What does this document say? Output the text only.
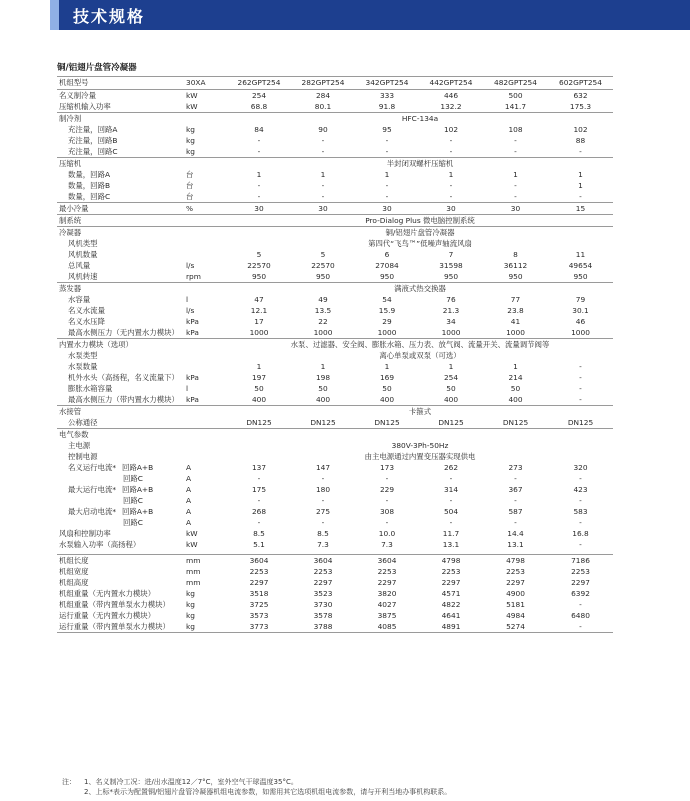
技术规格
铜/铝翅片盘管冷凝器
机组型号	30XA	262GPT254	282GPT254	342GPT254	442GPT254	482GPT254	602GPT254
名义制冷量	kW	254	284	333	446	500	632
压缩机输入功率	kW	68.8	80.1	91.8	132.2	141.7	175.3
制冷剂		HFC-134a					
充注量，回路A	kg	84	90	95	102	108	102
充注量，回路B	kg	-	-	-	-	-	88
充注量，回路C	kg	-	-	-	-	-	-
压缩机		半封闭双螺杆压缩机					
数量，回路A	台	1	1	1	1	1	1
数量，回路B	台	-	-	-	-	-	1
数量，回路C	台	-	-	-	-	-	-
最小冷量	%	30	30	30	30	30	15
制系统		Pro-Dialog Plus 微电脑控制系统					
冷凝器		铜/铝翅片盘管冷凝器					
风机类型		第四代“飞鸟™”低噪声轴流风扇					
风机数量		5	5	6	7	8	11
总风量	l/s	22570	22570	27084	31598	36112	49654
风机转速	rpm	950	950	950	950	950	950
蒸发器		满液式热交换器					
水容量	l	47	49	54	76	77	79
名义水流量	l/s	12.1	13.5	15.9	21.3	23.8	30.1
名义水压降	kPa	17	22	29	34	41	46
最高水侧压力（无内置水力模块）	kPa	1000	1000	1000	1000	1000	1000
内置水力模块（选项）		水泵、过滤器、安全阀、膨胀水箱、压力表、放气阀、流量开关、流量调节阀等					
水泵类型		离心单泵或双泵（可选）					
水泵数量		1	1	1	1	1	-
机外水头（高扬程，名义流量下）	kPa	197	198	169	254	214	-
膨胀水箱容量	l	50	50	50	50	50	-
最高水侧压力（带内置水力模块）	kPa	400	400	400	400	400	-
水接管		卡箍式					
公称通径		DN125	DN125	DN125	DN125	DN125	DN125
电气参数							
主电源		380V-3Ph-50Hz					
控制电源		由主电源通过内置变压器实现供电					
名义运行电流* 回路A+B	A	137	147	173	262	273	320
回路C	A	-	-	-	-	-	-
最大运行电流* 回路A+B	A	175	180	229	314	367	423
回路C	A	-	-	-	-	-	-
最大启动电流* 回路A+B	A	268	275	308	504	587	583
回路C	A	-	-	-	-	-	-
风扇和控制功率	kW	8.5	8.5	10.0	11.7	14.4	16.8
水泵输入功率（高扬程）	kW	5.1	7.3	7.3	13.1	13.1	-

机组长度	mm	3604	3604	3604	4798	4798	7186
机组宽度	mm	2253	2253	2253	2253	2253	2253
机组高度	mm	2297	2297	2297	2297	2297	2297
机组重量（无内置水力模块）	kg	3518	3523	3820	4571	4900	6392
机组重量（带内置单泵水力模块）	kg	3725	3730	4027	4822	5181	-
运行重量（无内置水力模块）	kg	3573	3578	3875	4641	4984	6480
运行重量（带内置单泵水力模块）	kg	3773	3788	4085	4891	5274	-
注：	1、名义制冷工况：进/出水温度12／7°C，室外空气干球温度35°C。
2、上标*表示为配置铜/铝翅片盘管冷凝器机组电流参数，如需用其它选项机组电流参数，请与开利当地办事机构联系。
